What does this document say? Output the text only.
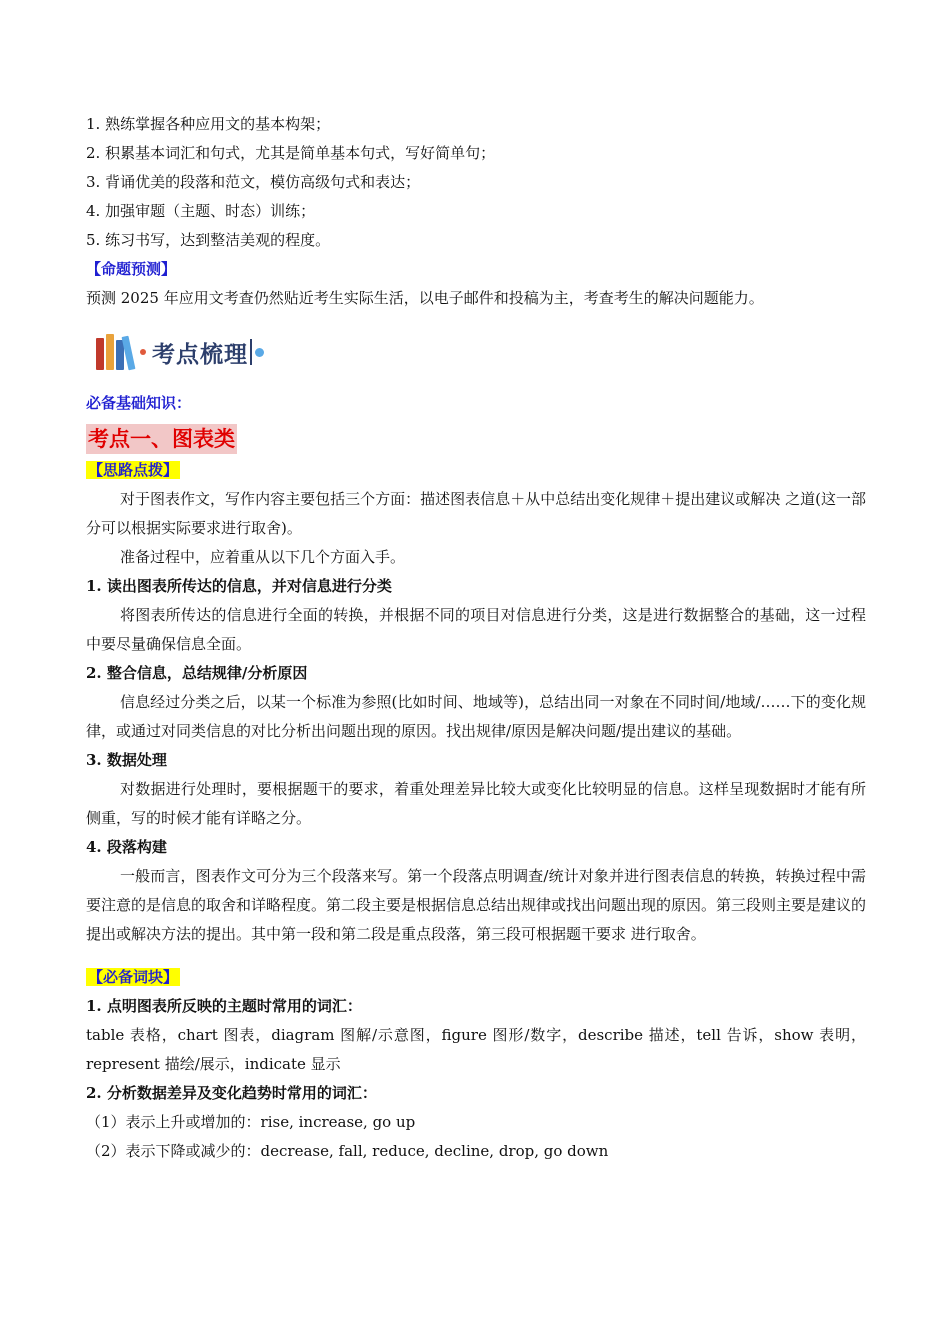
1. 熟练掌握各种应用文的基本构架；

2. 积累基本词汇和句式，尤其是简单基本句式，写好简单句；

3. 背诵优美的段落和范文，模仿高级句式和表达；

4. 加强审题（主题、时态）训练；

5. 练习书写，达到整洁美观的程度。

【命题预测】

预测 2025 年应用文考查仍然贴近考生实际生活，以电子邮件和投稿为主，考查考生的解决问题能力。

考点梳理

必备基础知识：

考点一、图表类

【思路点拨】

对于图表作文，写作内容主要包括三个方面：描述图表信息＋从中总结出变化规律＋提出建议或解决 之道(这一部分可以根据实际要求进行取舍)。

准备过程中，应着重从以下几个方面入手。

1. 读出图表所传达的信息，并对信息进行分类

将图表所传达的信息进行全面的转换，并根据不同的项目对信息进行分类，这是进行数据整合的基础，这一过程中要尽量确保信息全面。

2. 整合信息，总结规律/分析原因

信息经过分类之后，以某一个标准为参照(比如时间、地域等)，总结出同一对象在不同时间/地域/……下的变化规律，或通过对同类信息的对比分析出问题出现的原因。找出规律/原因是解决问题/提出建议的基础。

3. 数据处理

对数据进行处理时，要根据题干的要求，着重处理差异比较大或变化比较明显的信息。这样呈现数据时才能有所侧重，写的时候才能有详略之分。

4. 段落构建

一般而言，图表作文可分为三个段落来写。第一个段落点明调查/统计对象并进行图表信息的转换，转换过程中需要注意的是信息的取舍和详略程度。第二段主要是根据信息总结出规律或找出问题出现的原因。第三段则主要是建议的提出或解决方法的提出。其中第一段和第二段是重点段落，第三段可根据题干要求 进行取舍。

【必备词块】

1. 点明图表所反映的主题时常用的词汇：

table 表格，chart 图表，diagram 图解/示意图，figure 图形/数字，describe 描述，tell 告诉，show 表明，represent 描绘/展示，indicate 显示

2. 分析数据差异及变化趋势时常用的词汇：

（1）表示上升或增加的：rise, increase, go up

（2）表示下降或减少的：decrease, fall, reduce, decline, drop, go down
